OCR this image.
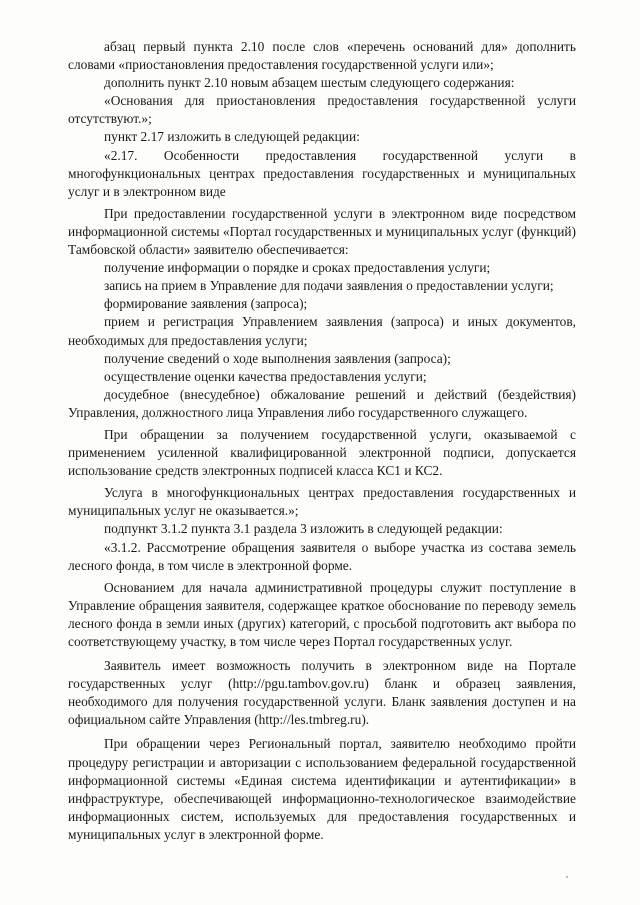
абзац первый пункта 2.10 после слов «перечень оснований для» дополнить словами «приостановления предоставления государственной услуги или»;

дополнить пункт 2.10 новым абзацем шестым следующего содержания:

«Основания для приостановления предоставления государственной услуги отсутствуют.»;

пункт 2.17 изложить в следующей редакции:

«2.17. Особенности предоставления государственной услуги в многофункциональных центрах предоставления государственных и муниципальных услуг и в электронном виде

При предоставлении государственной услуги в электронном виде посредством информационной системы «Портал государственных и муниципальных услуг (функций) Тамбовской области» заявителю обеспечивается:

получение информации о порядке и сроках предоставления услуги;

запись на прием в Управление для подачи заявления о предоставлении услуги;

формирование заявления (запроса);

прием и регистрация Управлением заявления (запроса) и иных документов, необходимых для предоставления услуги;

получение сведений о ходе выполнения заявления (запроса);

осуществление оценки качества предоставления услуги;

досудебное (внесудебное) обжалование решений и действий (бездействия) Управления, должностного лица Управления либо государственного служащего.

При обращении за получением государственной услуги, оказываемой с применением усиленной квалифицированной электронной подписи, допускается использование средств электронных подписей класса КС1 и КС2.

Услуга в многофункциональных центрах предоставления государственных и муниципальных услуг не оказывается.»;

подпункт 3.1.2 пункта 3.1 раздела 3 изложить в следующей редакции:

«3.1.2. Рассмотрение обращения заявителя о выборе участка из состава земель лесного фонда, в том числе в электронной форме.

Основанием для начала административной процедуры служит поступление в Управление обращения заявителя, содержащее краткое обоснование по переводу земель лесного фонда в земли иных (других) категорий, с просьбой подготовить акт выбора по соответствующему участку, в том числе через Портал государственных услуг.

Заявитель имеет возможность получить в электронном виде на Портале государственных услуг (http://pgu.tambov.gov.ru) бланк и образец заявления, необходимого для получения государственной услуги. Бланк заявления доступен и на официальном сайте Управления (http://les.tmbreg.ru).

При обращении через Региональный портал, заявителю необходимо пройти процедуру регистрации и авторизации с использованием федеральной государственной информационной системы «Единая система идентификации и аутентификации» в инфраструктуре, обеспечивающей информационно-технологическое взаимодействие информационных систем, используемых для предоставления государственных и муниципальных услуг в электронной форме.
